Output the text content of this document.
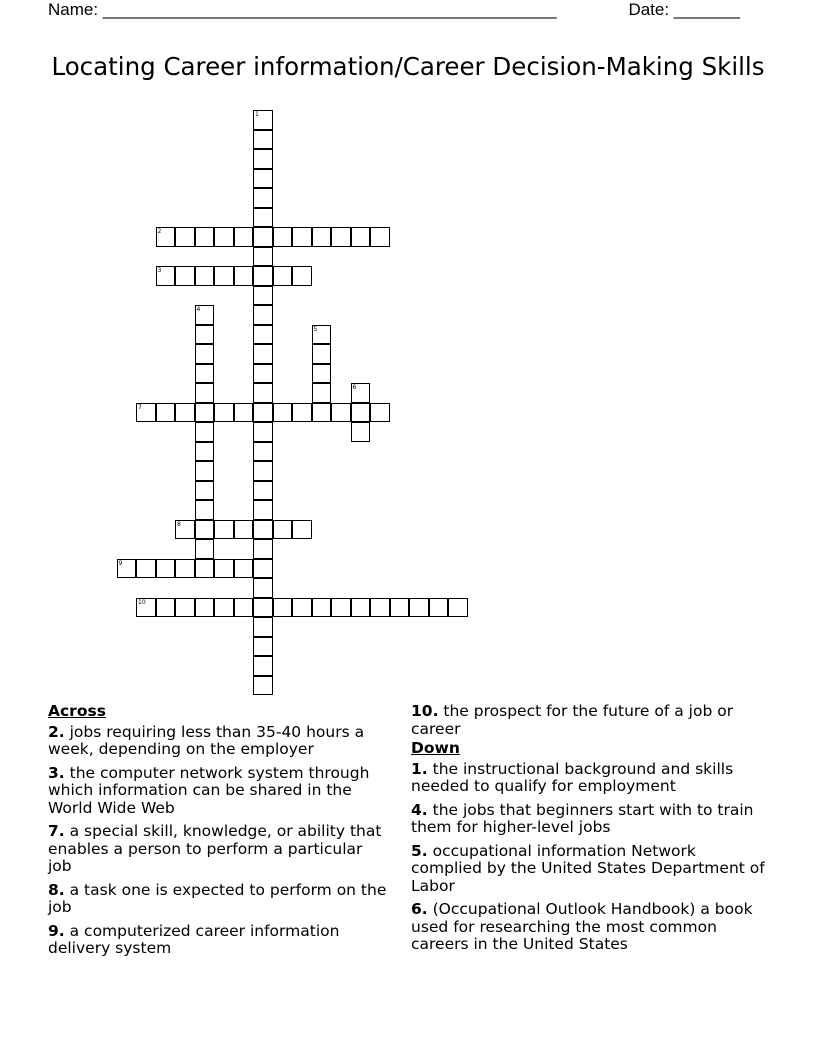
Name: ________________________________________________	Date: _______
Locating Career information/Career Decision-Making Skills
1
2
3
4
5
6
7
8
9
10
Across
2. jobs requiring less than 35-40 hours a week, depending on the employer
3. the computer network system through which information can be shared in the World Wide Web
7. a special skill, knowledge, or ability that enables a person to perform a particular job
8. a task one is expected to perform on the job
9. a computerized career information delivery system
10. the prospect for the future of a job or career
Down
1. the instructional background and skills needed to qualify for employment
4. the jobs that beginners start with to train them for higher-level jobs
5. occupational information Network complied by the United States Department of Labor
6. (Occupational Outlook Handbook) a book used for researching the most common careers in the United States
